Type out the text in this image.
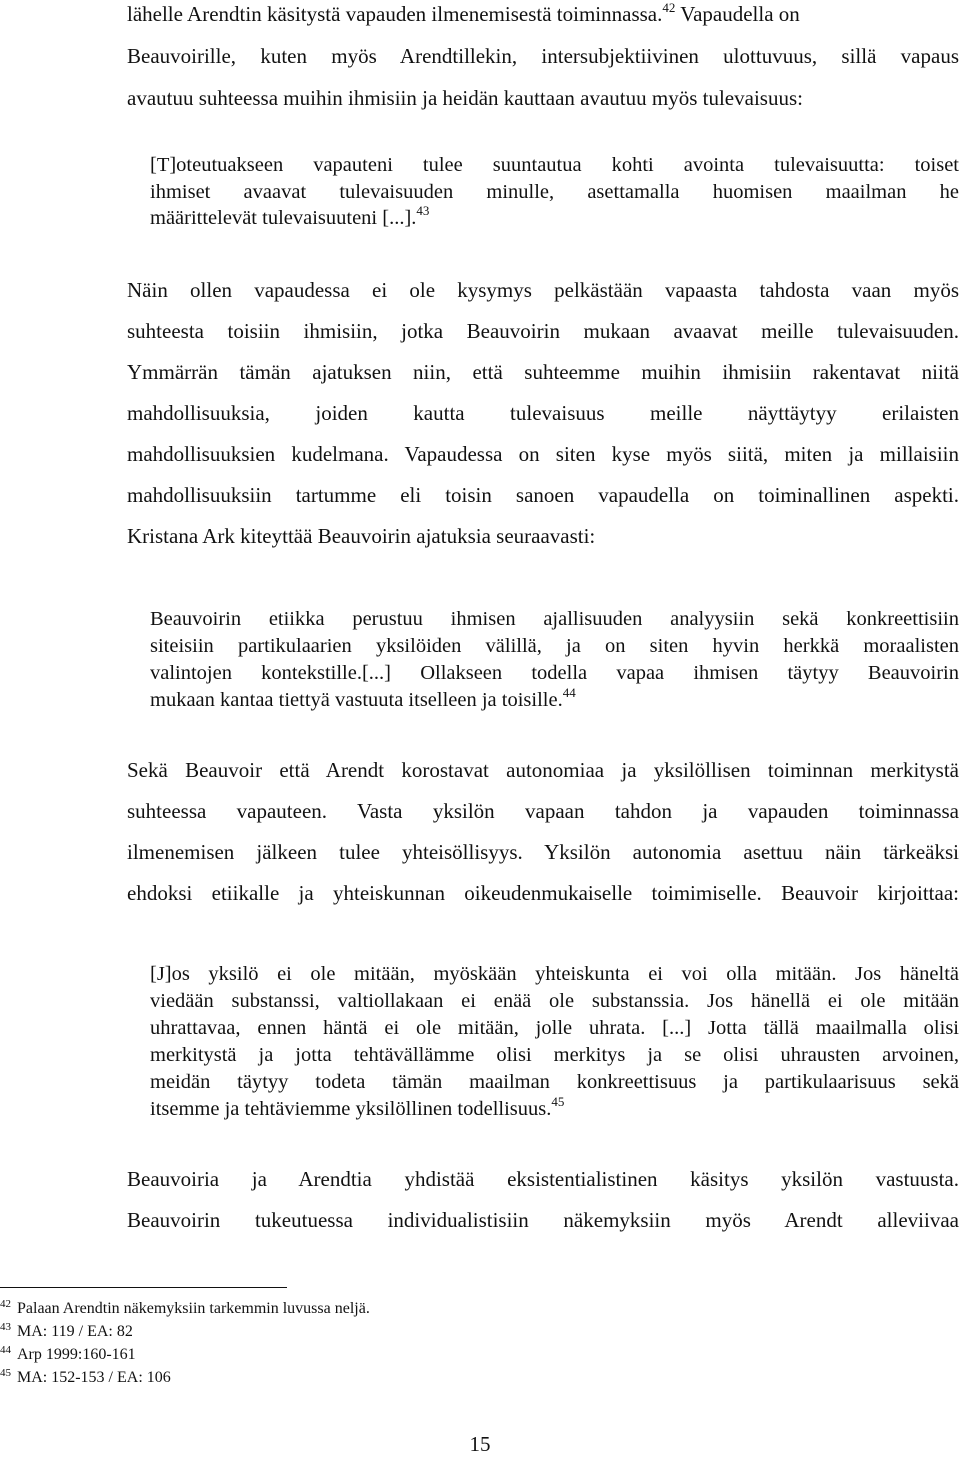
lähelle Arendtin käsitystä vapauden ilmenemisestä toiminnassa.$^{42}$ Vapaudella on
Beauvoirille, kuten myös Arendtillekin, intersubjektiivinen ulottuvuus, sillä vapaus
avautuu suhteessa muihin ihmisiin ja heidän kauttaan avautuu myös tulevaisuus:
[T]oteutuakseen vapauteni tulee suuntautua kohti avointa tulevaisuutta: toiset
ihmiset avaavat tulevaisuuden minulle, asettamalla huomisen maailman he
määrittelevät tulevaisuuteni [...].$^{43}$
Näin ollen vapaudessa ei ole kysymys pelkästään vapaasta tahdosta vaan myös
suhteesta toisiin ihmisiin, jotka Beauvoirin mukaan avaavat meille tulevaisuuden.
Ymmärrän tämän ajatuksen niin, että suhteemme muihin ihmisiin rakentavat niitä
mahdollisuuksia, joiden kautta tulevaisuus meille näyttäytyy erilaisten
mahdollisuuksien kudelmana. Vapaudessa on siten kyse myös siitä, miten ja millaisiin
mahdollisuuksiin tartumme eli toisin sanoen vapaudella on toiminallinen aspekti.
Kristana Ark kiteyttää Beauvoirin ajatuksia seuraavasti:
Beauvoirin etiikka perustuu ihmisen ajallisuuden analyysiin sekä konkreettisiin
siteisiin partikulaarien yksilöiden välillä, ja on siten hyvin herkkä moraalisten
valintojen kontekstille.[...] Ollakseen todella vapaa ihmisen täytyy Beauvoirin
mukaan kantaa tiettyä vastuuta itselleen ja toisille.$^{44}$
Sekä Beauvoir että Arendt korostavat autonomiaa ja yksilöllisen toiminnan merkitystä
suhteessa vapauteen. Vasta yksilön vapaan tahdon ja vapauden toiminnassa
ilmenemisen jälkeen tulee yhteisöllisyys. Yksilön autonomia asettuu näin tärkeäksi
ehdoksi etiikalle ja yhteiskunnan oikeudenmukaiselle toimimiselle. Beauvoir kirjoittaa:
[J]os yksilö ei ole mitään, myöskään yhteiskunta ei voi olla mitään. Jos häneltä
viedään substanssi, valtiollakaan ei enää ole substanssia. Jos hänellä ei ole mitään
uhrattavaa, ennen häntä ei ole mitään, jolle uhrata. [...] Jotta tällä maailmalla olisi
merkitystä ja jotta tehtävällämme olisi merkitys ja se olisi uhrausten arvoinen,
meidän täytyy todeta tämän maailman konkreettisuus ja partikulaarisuus sekä
itsemme ja tehtäviemme yksilöllinen todellisuus.$^{45}$
Beauvoiria ja Arendtia yhdistää eksistentialistinen käsitys yksilön vastuusta.
Beauvoirin tukeutuessa individualistisiin näkemyksiin myös Arendt alleviivaa
$^{42}$ Palaan Arendtin näkemyksiin tarkemmin luvussa neljä.
$^{43}$ MA: 119 / EA: 82
$^{44}$ Arp 1999:160-161
$^{45}$ MA: 152-153 / EA: 106
15
